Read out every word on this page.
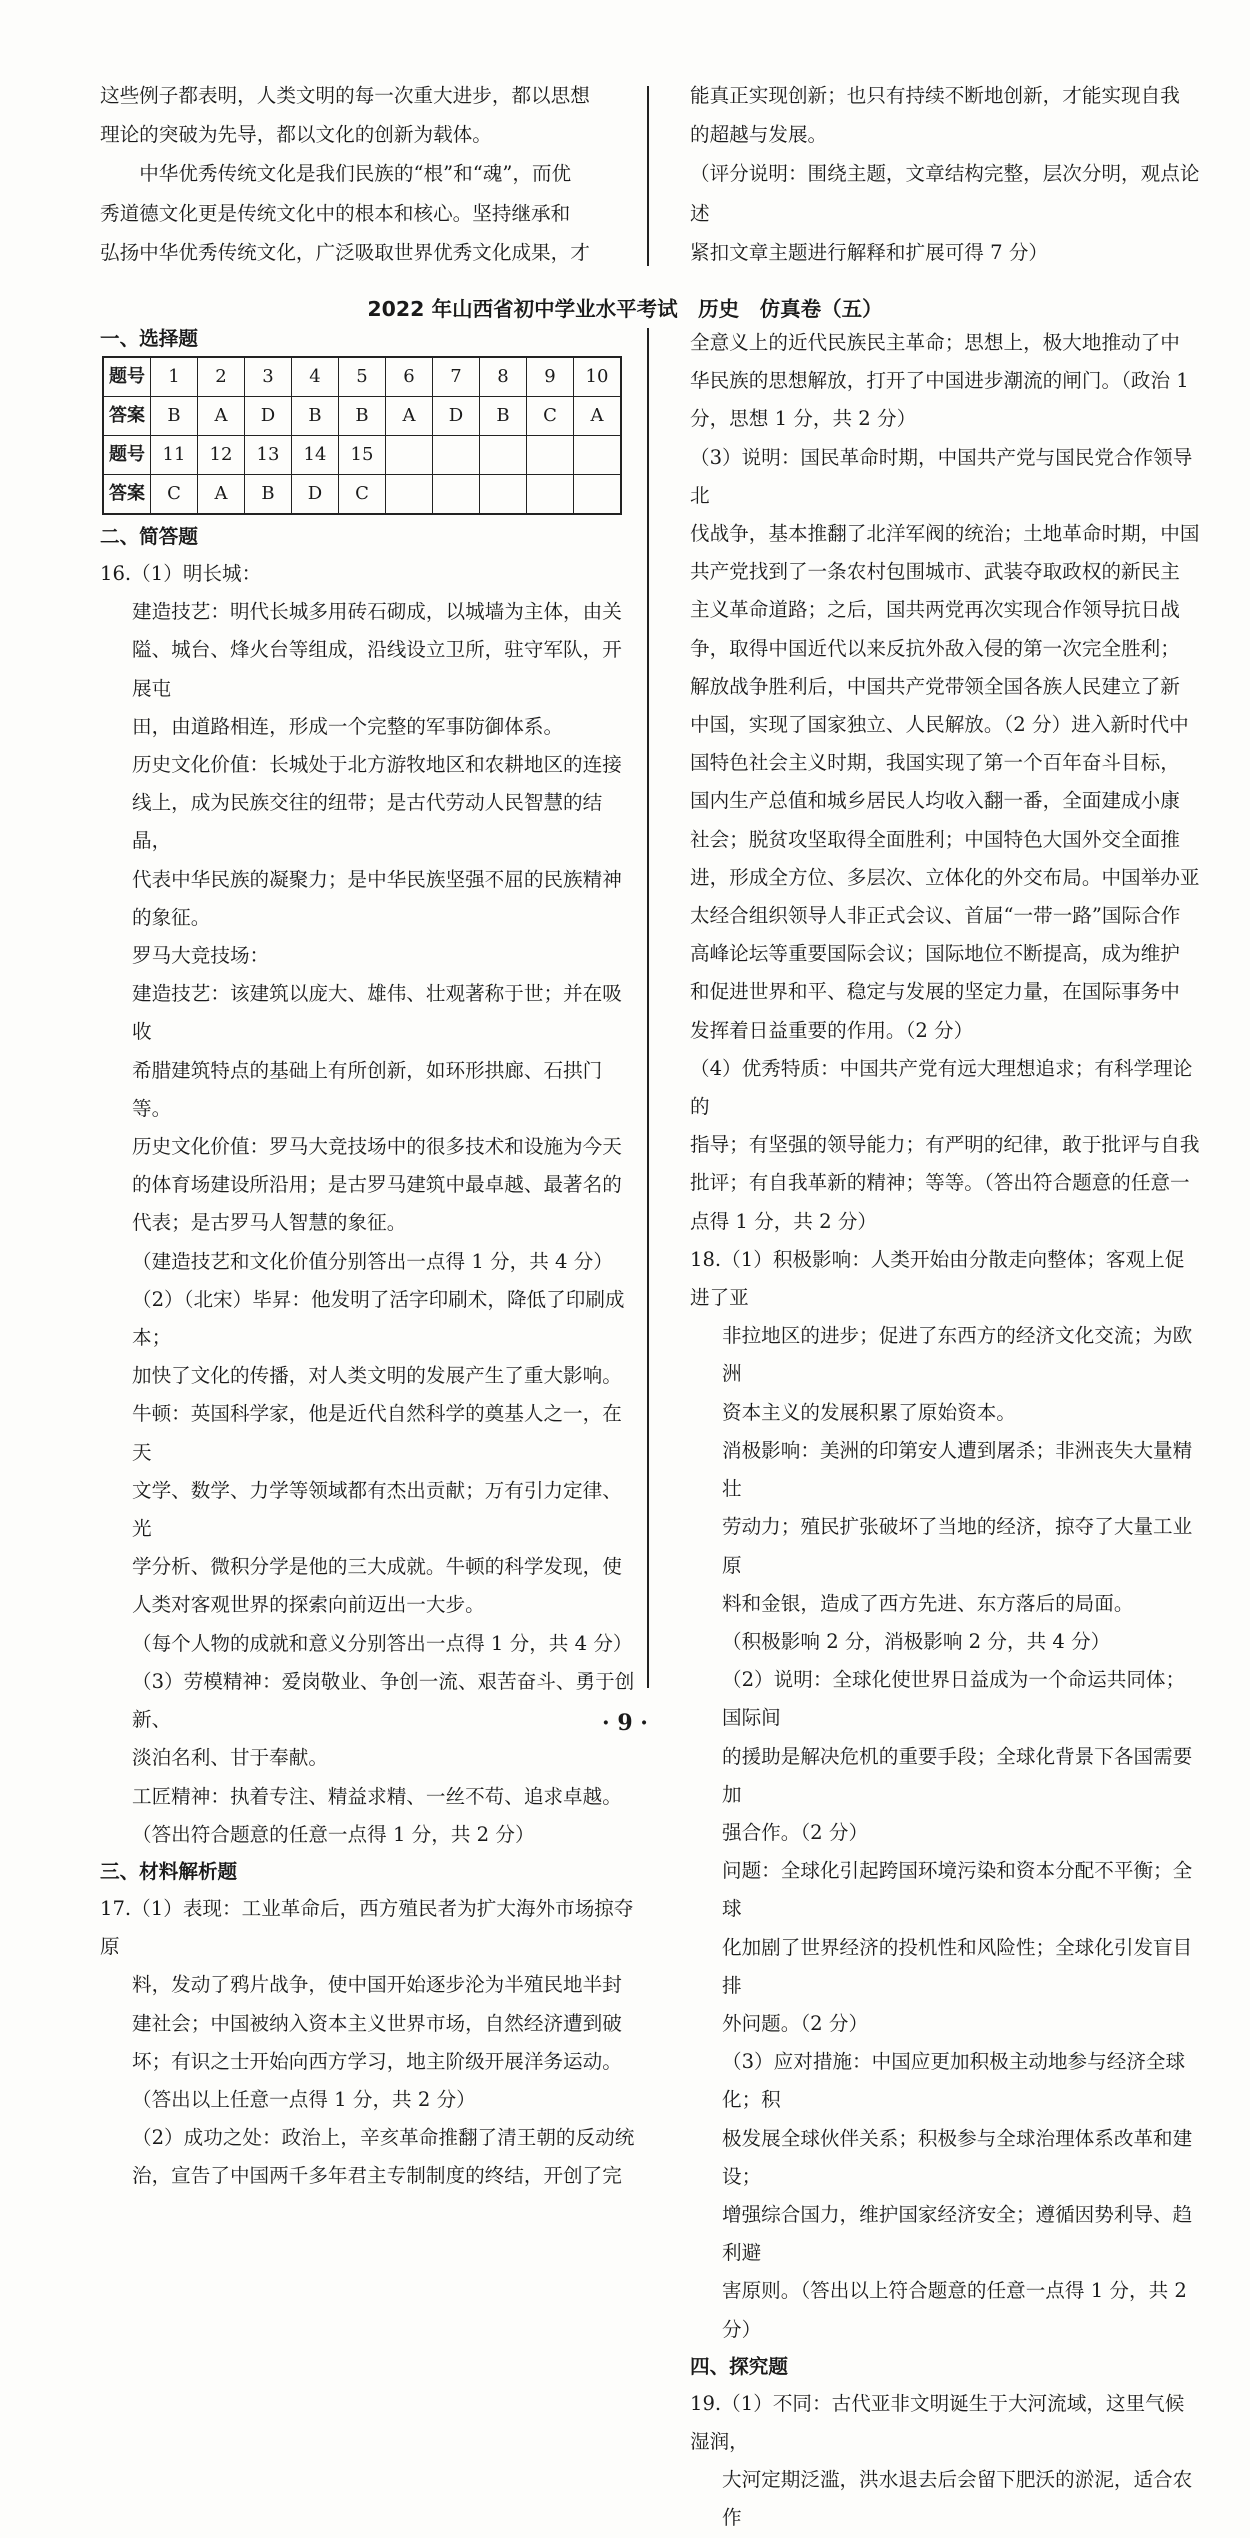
这些例子都表明，人类文明的每一次重大进步，都以思想

理论的突破为先导，都以文化的创新为载体。

中华优秀传统文化是我们民族的“根”和“魂”，而优

秀道德文化更是传统文化中的根本和核心。坚持继承和

弘扬中华优秀传统文化，广泛吸取世界优秀文化成果，才

能真正实现创新；也只有持续不断地创新，才能实现自我

的超越与发展。

（评分说明：围绕主题，文章结构完整，层次分明，观点论述

紧扣文章主题进行解释和扩展可得 7 分）

2022 年山西省初中学业水平考试　历史　仿真卷（五）

一、选择题

题号	1	2	3	4	5	6	7	8	9	10
答案	B	A	D	B	B	A	D	B	C	A
题号	11	12	13	14	15					
答案	C	A	B	D	C					

二、简答题

16.（1）明长城：

建造技艺：明代长城多用砖石砌成，以城墙为主体，由关

隘、城台、烽火台等组成，沿线设立卫所，驻守军队，开展屯

田，由道路相连，形成一个完整的军事防御体系。

历史文化价值：长城处于北方游牧地区和农耕地区的连接

线上，成为民族交往的纽带；是古代劳动人民智慧的结晶，

代表中华民族的凝聚力；是中华民族坚强不屈的民族精神

的象征。

罗马大竞技场：

建造技艺：该建筑以庞大、雄伟、壮观著称于世；并在吸收

希腊建筑特点的基础上有所创新，如环形拱廊、石拱门等。

历史文化价值：罗马大竞技场中的很多技术和设施为今天

的体育场建设所沿用；是古罗马建筑中最卓越、最著名的

代表；是古罗马人智慧的象征。

（建造技艺和文化价值分别答出一点得 1 分，共 4 分）

（2）（北宋）毕昇：他发明了活字印刷术，降低了印刷成本；

加快了文化的传播，对人类文明的发展产生了重大影响。

牛顿：英国科学家，他是近代自然科学的奠基人之一，在天

文学、数学、力学等领域都有杰出贡献；万有引力定律、光

学分析、微积分学是他的三大成就。牛顿的科学发现，使

人类对客观世界的探索向前迈出一大步。

（每个人物的成就和意义分别答出一点得 1 分，共 4 分）

（3）劳模精神：爱岗敬业、争创一流、艰苦奋斗、勇于创新、

淡泊名利、甘于奉献。

工匠精神：执着专注、精益求精、一丝不苟、追求卓越。

（答出符合题意的任意一点得 1 分，共 2 分）

三、材料解析题

17.（1）表现：工业革命后，西方殖民者为扩大海外市场掠夺原

料，发动了鸦片战争，使中国开始逐步沦为半殖民地半封

建社会；中国被纳入资本主义世界市场，自然经济遭到破

坏；有识之士开始向西方学习，地主阶级开展洋务运动。

（答出以上任意一点得 1 分，共 2 分）

（2）成功之处：政治上，辛亥革命推翻了清王朝的反动统

治，宣告了中国两千多年君主专制制度的终结，开创了完

全意义上的近代民族民主革命；思想上，极大地推动了中

华民族的思想解放，打开了中国进步潮流的闸门。（政治 1

分，思想 1 分，共 2 分）

（3）说明：国民革命时期，中国共产党与国民党合作领导北

伐战争，基本推翻了北洋军阀的统治；土地革命时期，中国

共产党找到了一条农村包围城市、武装夺取政权的新民主

主义革命道路；之后，国共两党再次实现合作领导抗日战

争，取得中国近代以来反抗外敌入侵的第一次完全胜利；

解放战争胜利后，中国共产党带领全国各族人民建立了新

中国，实现了国家独立、人民解放。（2 分）进入新时代中

国特色社会主义时期，我国实现了第一个百年奋斗目标，

国内生产总值和城乡居民人均收入翻一番，全面建成小康

社会；脱贫攻坚取得全面胜利；中国特色大国外交全面推

进，形成全方位、多层次、立体化的外交布局。中国举办亚

太经合组织领导人非正式会议、首届“一带一路”国际合作

高峰论坛等重要国际会议；国际地位不断提高，成为维护

和促进世界和平、稳定与发展的坚定力量，在国际事务中

发挥着日益重要的作用。（2 分）

（4）优秀特质：中国共产党有远大理想追求；有科学理论的

指导；有坚强的领导能力；有严明的纪律，敢于批评与自我

批评；有自我革新的精神；等等。（答出符合题意的任意一

点得 1 分，共 2 分）

18.（1）积极影响：人类开始由分散走向整体；客观上促进了亚

非拉地区的进步；促进了东西方的经济文化交流；为欧洲

资本主义的发展积累了原始资本。

消极影响：美洲的印第安人遭到屠杀；非洲丧失大量精壮

劳动力；殖民扩张破坏了当地的经济，掠夺了大量工业原

料和金银，造成了西方先进、东方落后的局面。

（积极影响 2 分，消极影响 2 分，共 4 分）

（2）说明：全球化使世界日益成为一个命运共同体；国际间

的援助是解决危机的重要手段；全球化背景下各国需要加

强合作。（2 分）

问题：全球化引起跨国环境污染和资本分配不平衡；全球

化加剧了世界经济的投机性和风险性；全球化引发盲目排

外问题。（2 分）

（3）应对措施：中国应更加积极主动地参与经济全球化；积

极发展全球伙伴关系；积极参与全球治理体系改革和建设；

增强综合国力，维护国家经济安全；遵循因势利导、趋利避

害原则。（答出以上符合题意的任意一点得 1 分，共 2 分）

四、探究题

19.（1）不同：古代亚非文明诞生于大河流域，这里气候湿润，

大河定期泛滥，洪水退去后会留下肥沃的淤泥，适合农作

· 9 ·
